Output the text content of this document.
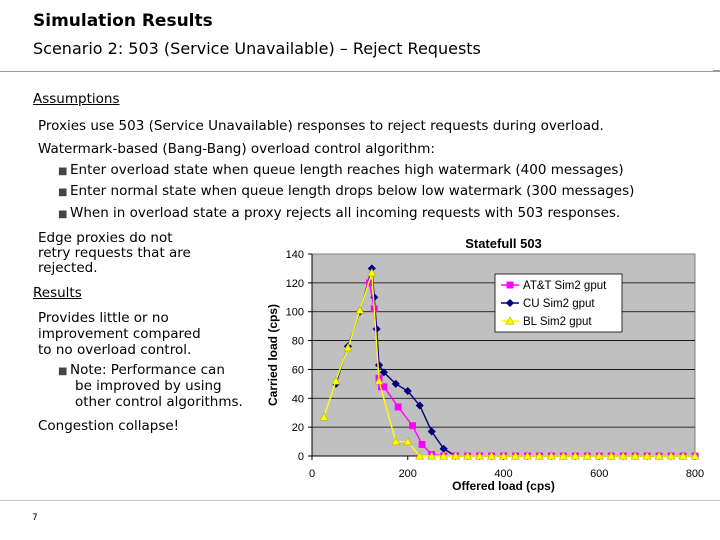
Simulation Results
Scenario 2: 503 (Service Unavailable) – Reject Requests
Assumptions
Proxies use 503 (Service Unavailable) responses to reject requests during overload.
Watermark-based (Bang-Bang) overload control algorithm:
■ Enter overload state when queue length reaches high watermark (400 messages)
■ Enter normal state when queue length drops below low watermark (300 messages)
■ When in overload state a proxy rejects all incoming requests with 503 responses.
Edge proxies do not
retry requests that are
rejected.
Results
Provides little or no
improvement compared
to no overload control.
■ Note: Performance can
be improved by using
other control algorithms.
Congestion collapse!
0
20
40
60
80
100
120
140
0	200	400	600	800
Statefull 503
Offered load (cps)
Carried load (cps)
AT&T Sim2 gput
CU Sim2 gput
BL Sim2 gput
7
